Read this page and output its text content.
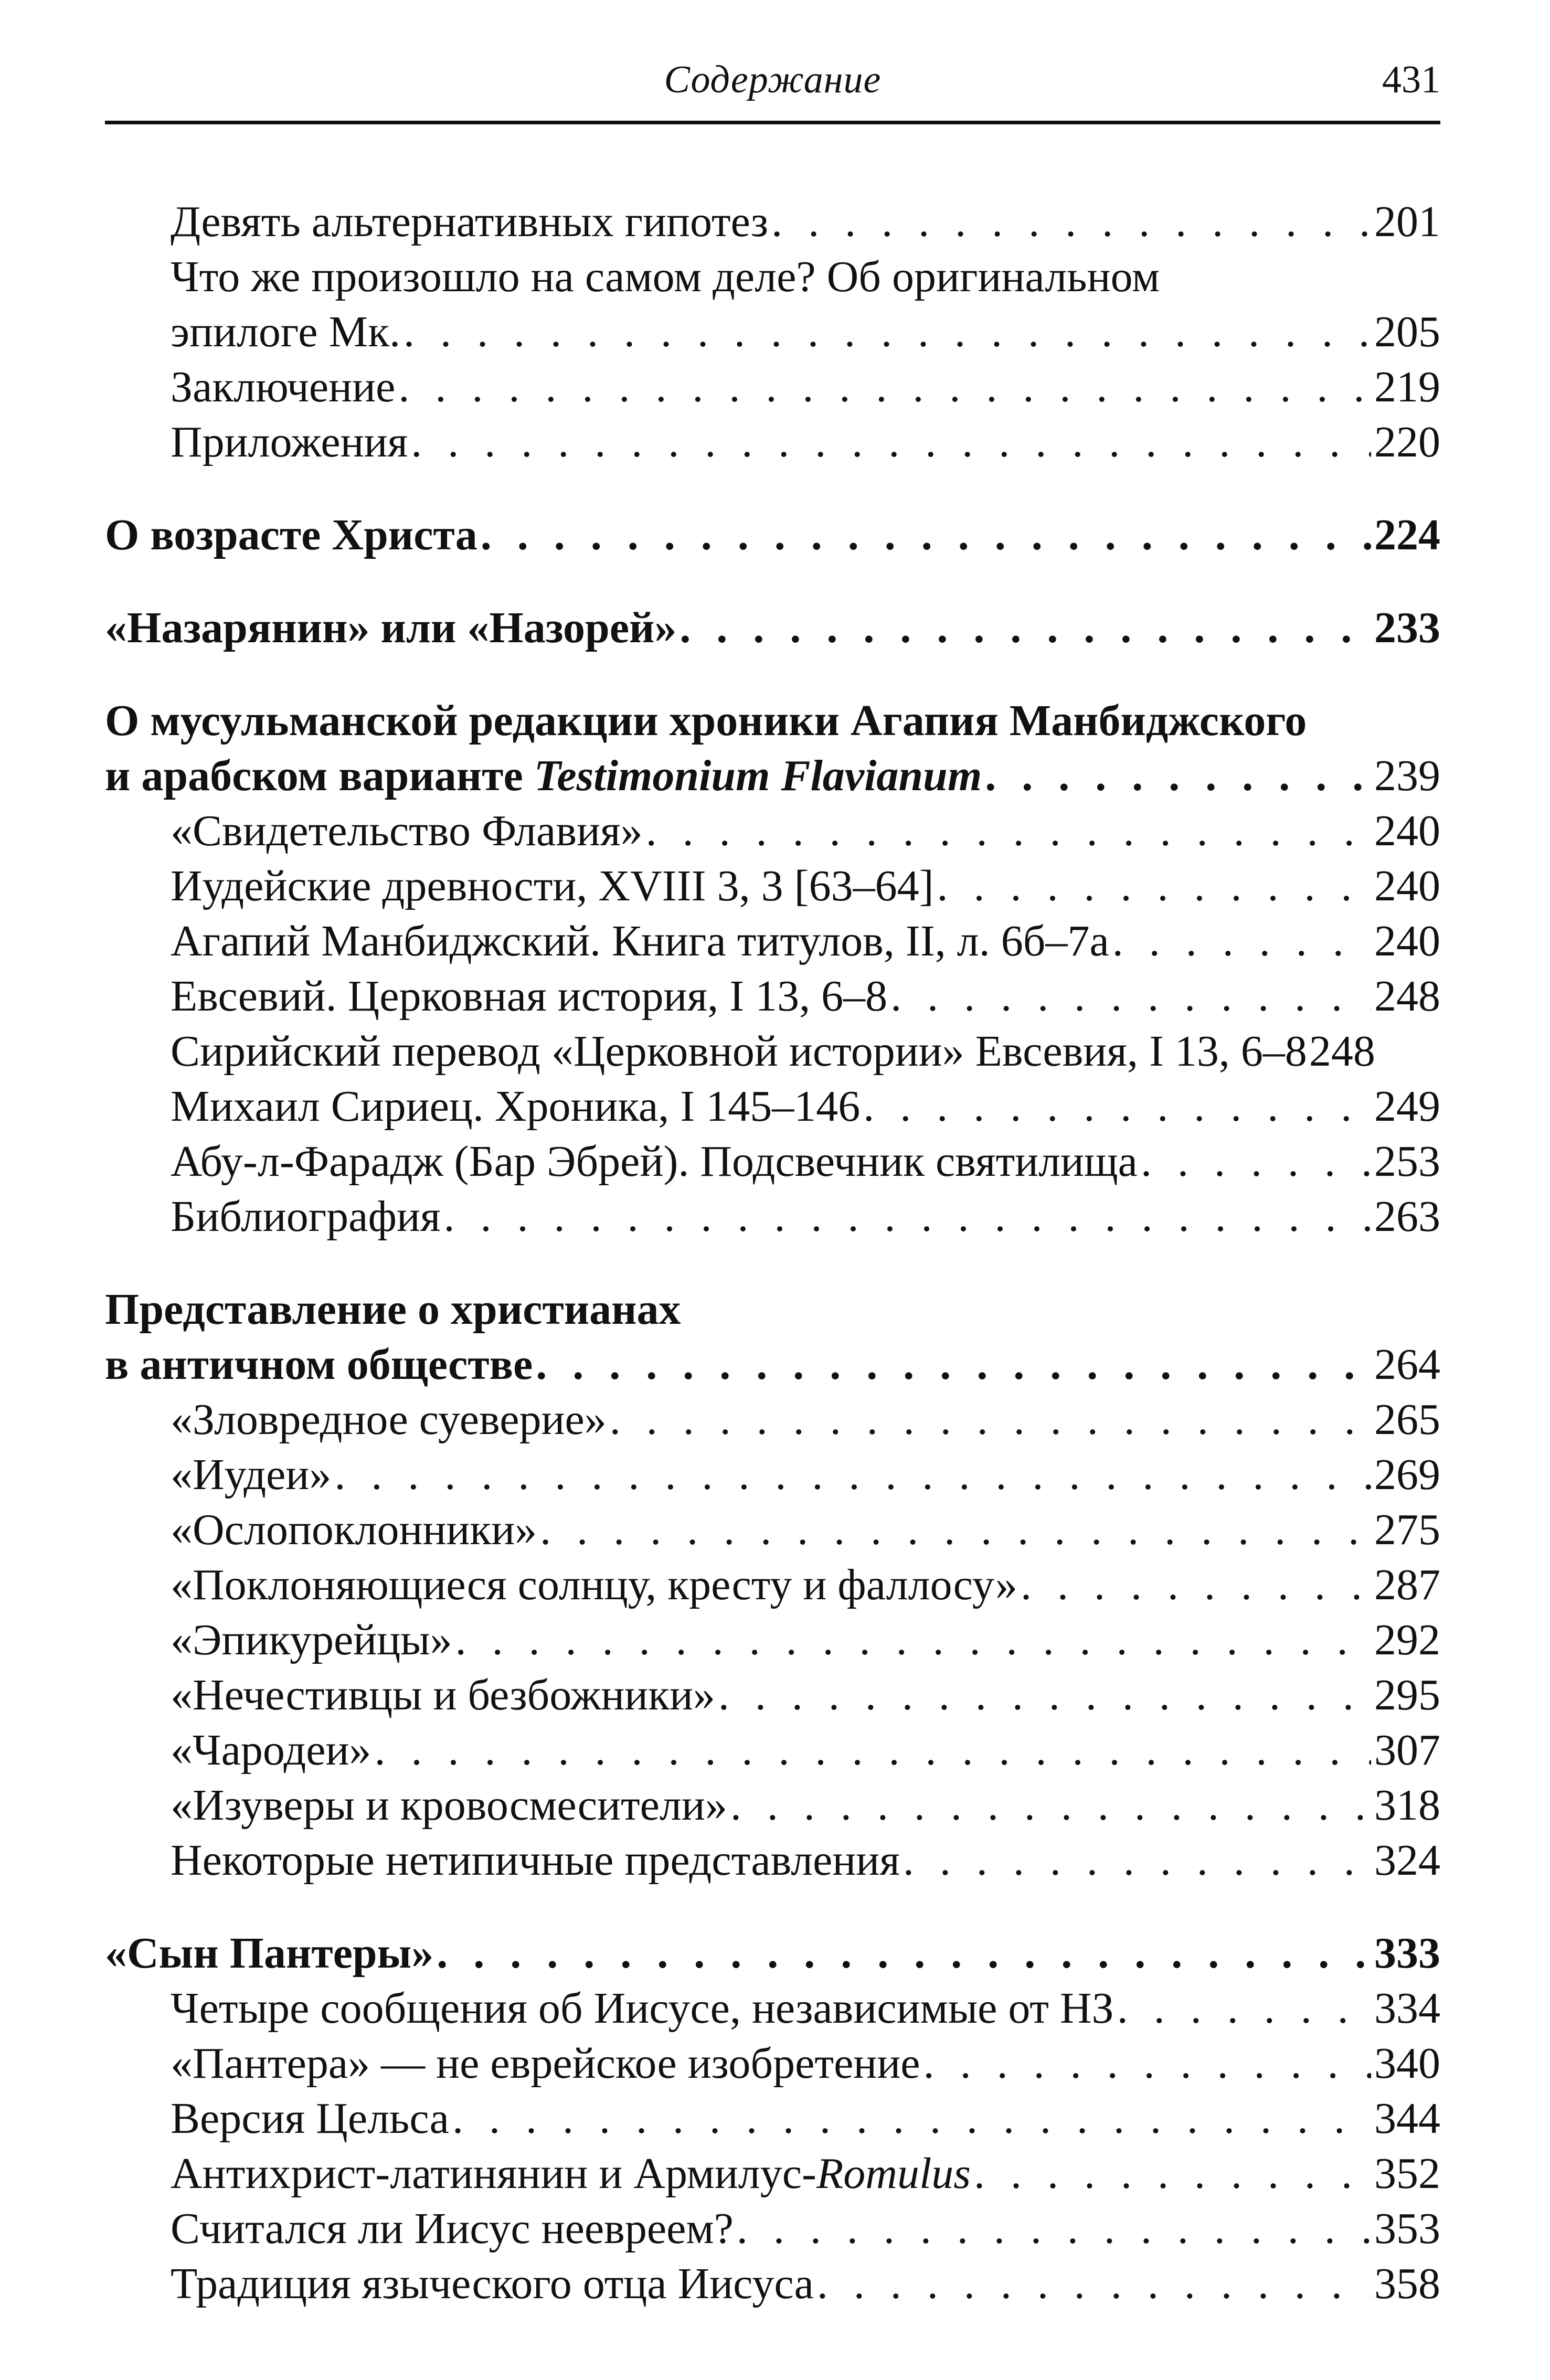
Содержание	431
Девять альтернативных гипотез . . .	201
Что же произошло на самом деле? Об оригинальном
эпилоге Мк. . . .	205
Заключение . . .	219
Приложения . . .	220
О возрасте Христа . . .	224
«Назарянин» или «Назорей» . . .	233
О мусульманской редакции хроники Агапия Манбиджского
и арабском варианте Testimonium Flavianum . . .	239
«Свидетельство Флавия» . . .	240
Иудейские древности, XVIII 3, 3 [63–64] . . .	240
Агапий Манбиджский. Книга титулов, II, л. 6б–7а . . .	240
Евсевий. Церковная история, I 13, 6–8 . . .	248
Сирийский перевод «Церковной истории» Евсевия, I 13, 6–8 248
Михаил Сириец. Хроника, I 145–146 . . .	249
Абу-л-Фарадж (Бар Эбрей). Подсвечник святилища . . .	253
Библиография . . .	263
Представление о христианах
в античном обществе . . .	264
«Зловредное суеверие» . . .	265
«Иудеи» . . .	269
«Ослопоклонники» . . .	275
«Поклоняющиеся солнцу, кресту и фаллосу» . . .	287
«Эпикурейцы» . . .	292
«Нечестивцы и безбожники» . . .	295
«Чародеи» . . .	307
«Изуверы и кровосмесители» . . .	318
Некоторые нетипичные представления . . .	324
«Сын Пантеры» . . .	333
Четыре сообщения об Иисусе, независимые от НЗ . . .	334
«Пантера» — не еврейское изобретение . . .	340
Версия Цельса . . .	344
Антихрист-латинянин и Армилус-Romulus . . .	352
Считался ли Иисус неевреем? . . .	353
Традиция языческого отца Иисуса . . .	358
